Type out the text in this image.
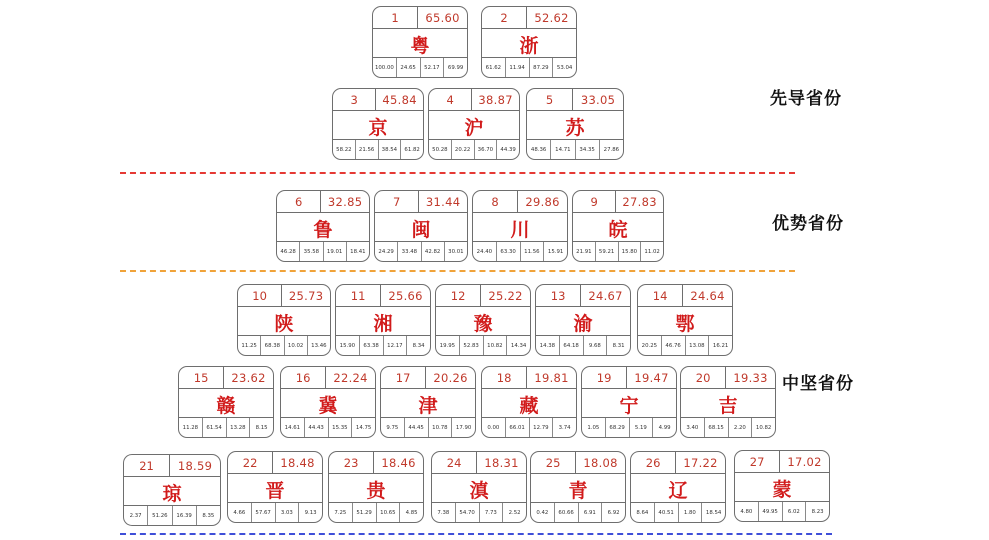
先导省份
优势省份
中坚省份
1	65.60
粤
100.00	24.65	52.17	69.99
2	52.62
浙
61.62	11.94	87.29	53.04
3	45.84
京
58.22	21.56	38.54	61.82
4	38.87
沪
50.28	20.22	36.70	44.39
5	33.05
苏
48.36	14.71	34.35	27.86
6	32.85
鲁
46.28	35.58	19.01	18.41
7	31.44
闽
24.29	33.48	42.82	30.01
8	29.86
川
24.40	63.30	11.56	15.91
9	27.83
皖
21.91	59.21	15.80	11.02
10	25.73
陕
11.25	68.38	10.02	13.46
11	25.66
湘
15.90	63.38	12.17	8.34
12	25.22
豫
19.95	52.83	10.82	14.34
13	24.67
渝
14.38	64.18	9.68	8.31
14	24.64
鄂
20.25	46.76	13.08	16.21
15	23.62
赣
11.28	61.54	13.28	8.15
16	22.24
冀
14.61	44.43	15.35	14.75
17	20.26
津
9.75	44.45	10.78	17.90
18	19.81
藏
0.00	66.01	12.79	3.74
19	19.47
宁
1.05	68.29	5.19	4.99
20	19.33
吉
3.40	68.15	2.20	10.82
21	18.59
琼
2.37	51.26	16.39	8.35
22	18.48
晋
4.66	57.67	3.03	9.13
23	18.46
贵
7.25	51.29	10.65	4.85
24	18.31
滇
7.38	54.70	7.73	2.52
25	18.08
青
0.42	60.66	6.91	6.92
26	17.22
辽
8.64	40.51	1.80	18.54
27	17.02
蒙
4.80	49.95	6.02	8.23
